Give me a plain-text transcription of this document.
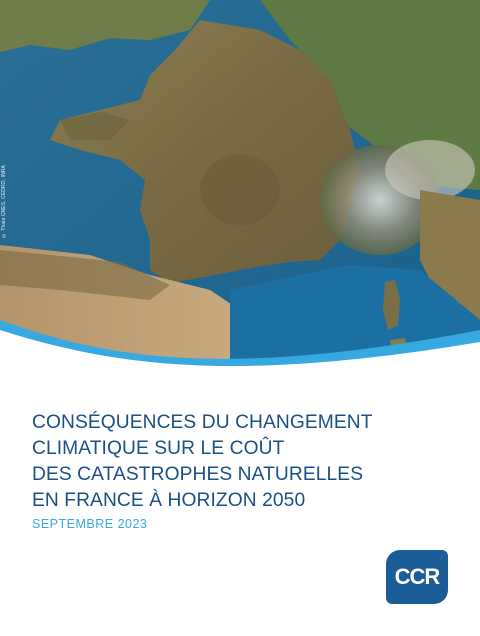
© Thala CNES, CEDRO, INRA
CONSÉQUENCES DU CHANGEMENT
CLIMATIQUE SUR LE COÛT
DES CATASTROPHES NATURELLES
EN FRANCE À HORIZON 2050
SEPTEMBRE 2023
CCR
